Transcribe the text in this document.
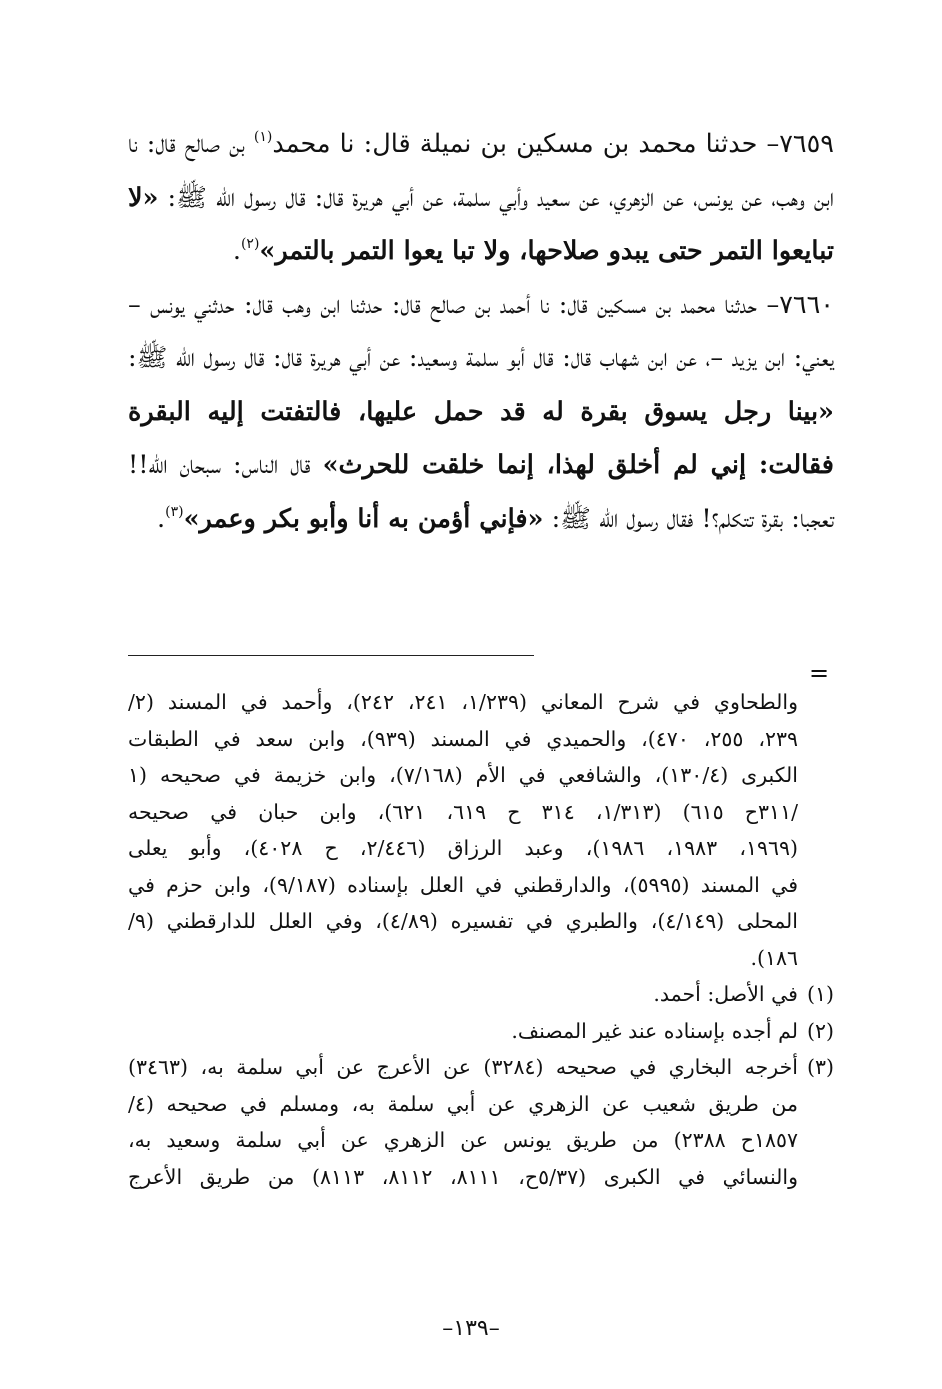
٧٦٥٩– حدثنا محمد بن مسكين بن نميلة قال: نا محمد$^{(١)}$ بن صالح قال: نا ابن وهب، عن يونس، عن الزهري، عن سعيد وأبي سلمة، عن أبي هريرة قال: قال رسول الله ﷺ: «لا تبايعوا التمر حتى يبدو صلاحها، ولا تبا يعوا التمر بالتمر»$^{(٢)}$.

٧٦٦٠– حدثنا محمد بن مسكين قال: نا أحمد بن صالح قال: حدثنا ابن وهب قال: حدثني يونس – يعني: ابن يزيد –، عن ابن شهاب قال: قال أبو سلمة وسعيد: عن أبي هريرة قال: قال رسول الله ﷺ: «بينا رجل يسوق بقرة له قد حمل عليها، فالتفتت إليه البقرة فقالت: إني لم أخلق لهذا، إنما خلقت للحرث» قال الناس: سبحان الله!! تعجبا: بقرة تتكلم؟! فقال رسول الله ﷺ: «فإني أؤمن به أنا وأبو بكر وعمر»$^{(٣)}$.

=

والطحاوي في شرح المعاني (١/٢٣٩، ٢٤١، ٢٤٢)، وأحمد في المسند (٢/

٢٣٩، ٢٥٥، ٤٧٠)، والحميدي في المسند (٩٣٩)، وابن سعد في الطبقات

الكبرى (١٣٠/٤)، والشافعي في الأم (٧/١٦٨)، وابن خزيمة في صحيحه (١

/٣١١ح ٦١٥) (١/٣١٣، ٣١٤ ح ٦١٩، ٦٢١)، وابن حبان في صحيحه

(١٩٦٩، ١٩٨٣، ١٩٨٦)، وعبد الرزاق (٢/٤٤٦، ح ٤٠٢٨)، وأبو يعلى

في المسند (٥٩٩٥)، والدارقطني في العلل بإسناده (٩/١٨٧)، وابن حزم في

المحلى (٤/١٤٩)، والطبري في تفسيره (٤/٨٩)، وفي العلل للدارقطني (٩/

١٨٦).

(١)

في الأصل: أحمد.

(٢)

لم أجده بإسناده عند غير المصنف.

(٣)

أخرجه البخاري في صحيحه (٣٢٨٤) عن الأعرج عن أبي سلمة به، (٣٤٦٣)

من طريق شعيب عن الزهري عن أبي سلمة به، ومسلم في صحيحه (٤/

١٨٥٧ح ٢٣٨٨) من طريق يونس عن الزهري عن أبي سلمة وسعيد به،

والنسائي في الكبرى (٥/٣٧ح، ٨١١١، ٨١١٢، ٨١١٣) من طريق الأعرج

–١٣٩–
